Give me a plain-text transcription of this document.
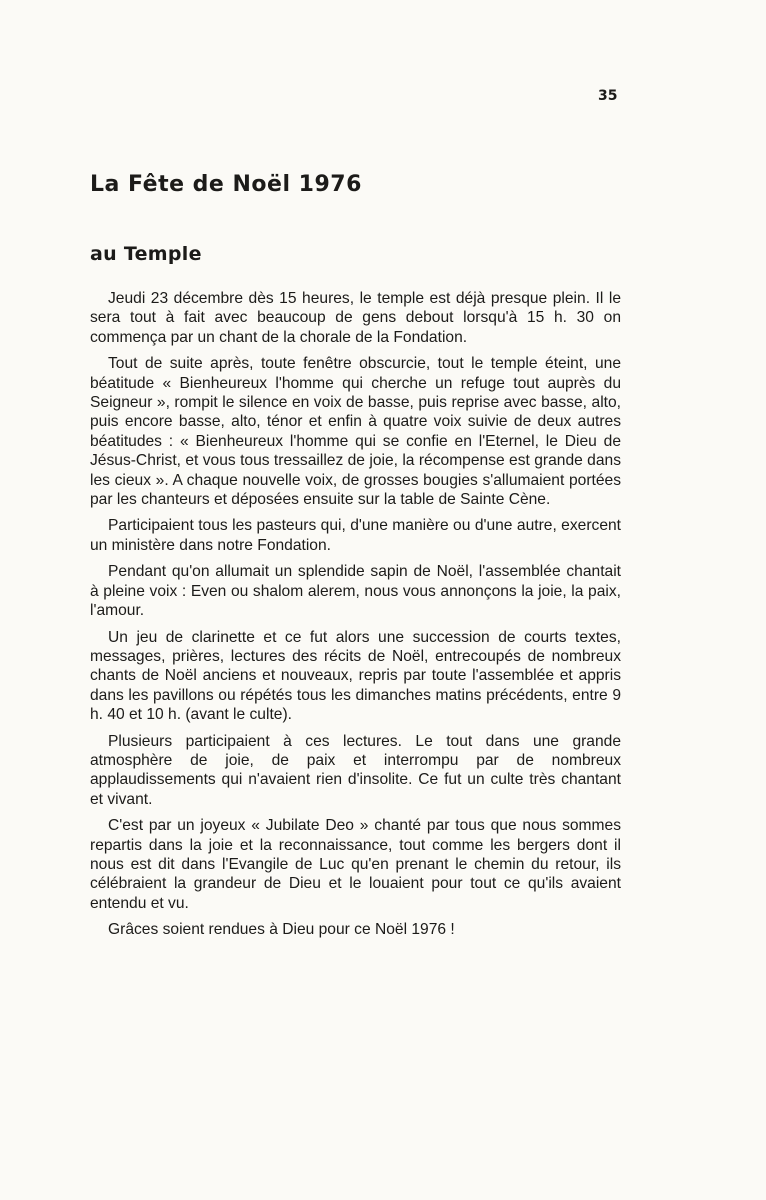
35
La Fête de Noël 1976
au Temple

Jeudi 23 décembre dès 15 heures, le temple est déjà presque plein. Il le sera tout à fait avec beaucoup de gens debout lorsqu'à 15 h. 30 on commença par un chant de la chorale de la Fondation.

Tout de suite après, toute fenêtre obscurcie, tout le temple éteint, une béatitude « Bienheureux l'homme qui cherche un refuge tout auprès du Seigneur », rompit le silence en voix de basse, puis reprise avec basse, alto, puis encore basse, alto, ténor et enfin à quatre voix suivie de deux autres béatitudes : « Bienheureux l'homme qui se confie en l'Eternel, le Dieu de Jésus-Christ, et vous tous tressaillez de joie, la récompense est grande dans les cieux ». A chaque nouvelle voix, de grosses bougies s'allumaient portées par les chanteurs et déposées ensuite sur la table de Sainte Cène.

Participaient tous les pasteurs qui, d'une manière ou d'une autre, exercent un ministère dans notre Fondation.

Pendant qu'on allumait un splendide sapin de Noël, l'assemblée chantait à pleine voix : Even ou shalom alerem, nous vous annonçons la joie, la paix, l'amour.

Un jeu de clarinette et ce fut alors une succession de courts textes, messages, prières, lectures des récits de Noël, entrecoupés de nombreux chants de Noël anciens et nouveaux, repris par toute l'assemblée et appris dans les pavillons ou répétés tous les dimanches matins précédents, entre 9 h. 40 et 10 h. (avant le culte).

Plusieurs participaient à ces lectures. Le tout dans une grande atmosphère de joie, de paix et interrompu par de nombreux applaudissements qui n'avaient rien d'insolite. Ce fut un culte très chantant et vivant.

C'est par un joyeux « Jubilate Deo » chanté par tous que nous sommes repartis dans la joie et la reconnaissance, tout comme les bergers dont il nous est dit dans l'Evangile de Luc qu'en prenant le chemin du retour, ils célébraient la grandeur de Dieu et le louaient pour tout ce qu'ils avaient entendu et vu.

Grâces soient rendues à Dieu pour ce Noël 1976 !
